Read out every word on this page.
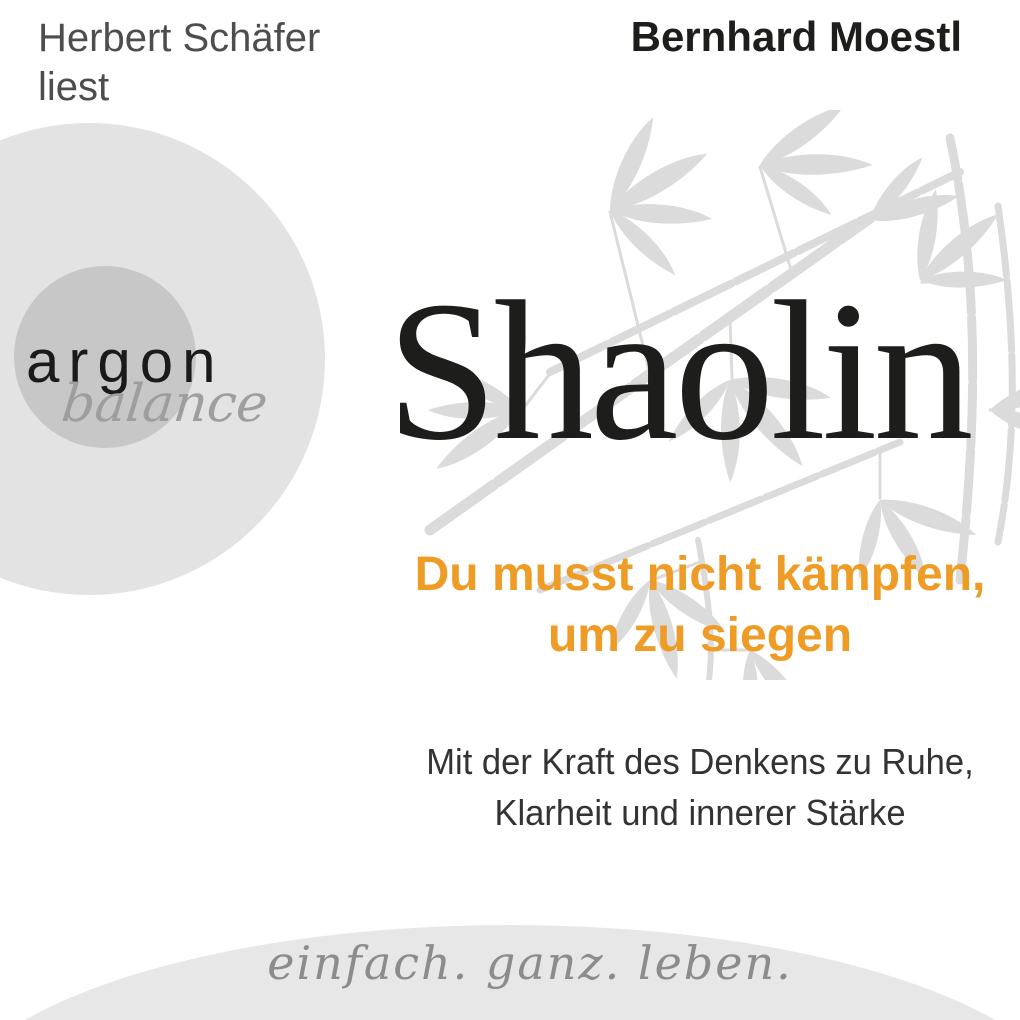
argon
balance
Herbert Schäfer
liest
Bernhard Moestl
Shaolin
Du musst nicht kämpfen,
um zu siegen
Mit der Kraft des Denkens zu Ruhe,
Klarheit und innerer Stärke
einfach. ganz. leben.
